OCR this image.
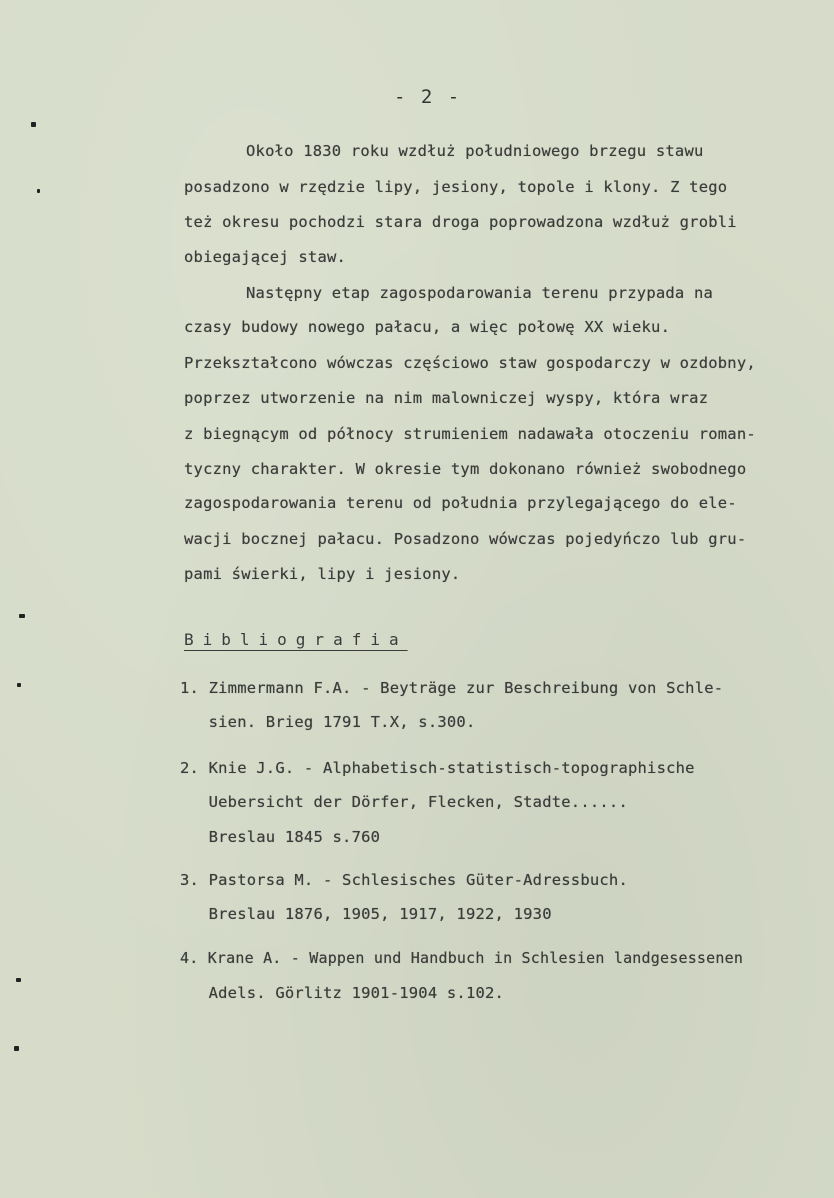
- 2 -
Około 1830 roku wzdłuż południowego brzegu stawu
posadzono w rzędzie lipy, jesiony, topole i klony. Z tego
też okresu pochodzi stara droga poprowadzona wzdłuż grobli
obiegającej staw.
Następny etap zagospodarowania terenu przypada na
czasy budowy nowego pałacu, a więc połowę XX wieku.
Przekształcono wówczas częściowo staw gospodarczy w ozdobny,
poprzez utworzenie na nim malowniczej wyspy, która wraz
z biegnącym od północy strumieniem nadawała otoczeniu roman-
tyczny charakter. W okresie tym dokonano również swobodnego
zagospodarowania terenu od południa przylegającego do ele-
wacji bocznej pałacu. Posadzono wówczas pojedyńczo lub gru-
pami świerki, lipy i jesiony.
Bibliografia
1. Zimmermann F.A. - Beyträge zur Beschreibung von Schle-
sien. Brieg 1791 T.X, s.300.
2. Knie J.G. - Alphabetisch-statistisch-topographische
Uebersicht der Dörfer, Flecken, Stadte......
Breslau 1845 s.760
3. Pastorsa M. - Schlesisches Güter-Adressbuch.
Breslau 1876, 1905, 1917, 1922, 1930
4. Krane A. - Wappen und Handbuch in Schlesien landgesessenen
Adels. Görlitz 1901-1904 s.102.
